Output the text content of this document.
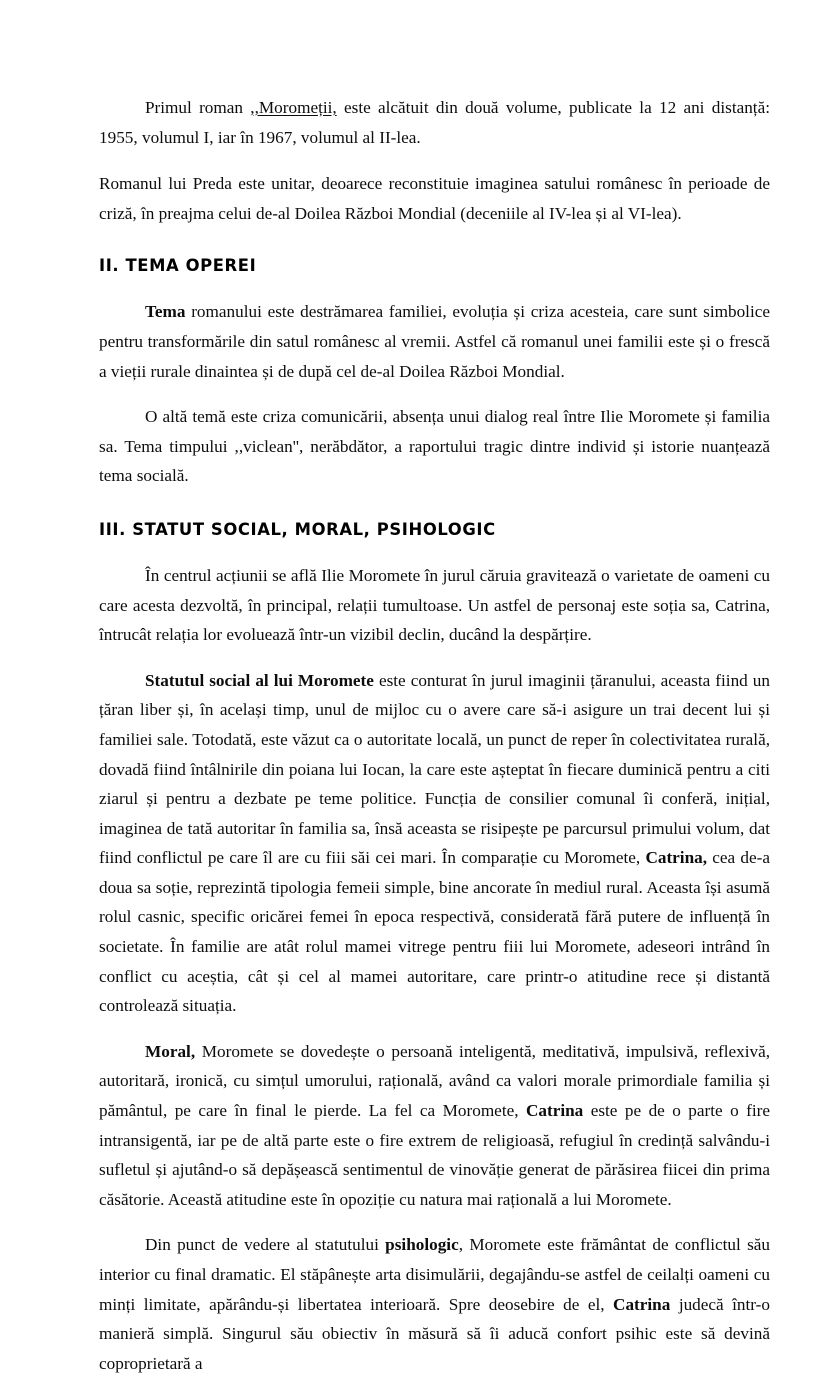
Primul roman ,,Moromeții, este alcătuit din două volume, publicate la 12 ani distanță: 1955, volumul I, iar în 1967, volumul al II-lea.

Romanul lui Preda este unitar, deoarece reconstituie imaginea satului românesc în perioade de criză, în preajma celui de-al Doilea Război Mondial (deceniile al IV-lea și al VI-lea).

II. TEMA OPEREI

Tema romanului este destrămarea familiei, evoluția și criza acesteia, care sunt simbolice pentru transformările din satul românesc al vremii. Astfel că romanul unei familii este și o frescă a vieții rurale dinaintea și de după cel de-al Doilea Război Mondial.

O altă temă este criza comunicării, absența unui dialog real între Ilie Moromete și familia sa. Tema timpului ,,viclean'', nerăbdător, a raportului tragic dintre individ și istorie nuanțează tema socială.

III. STATUT SOCIAL, MORAL, PSIHOLOGIC

În centrul acțiunii se află Ilie Moromete în jurul căruia gravitează o varietate de oameni cu care acesta dezvoltă, în principal, relații tumultoase. Un astfel de personaj este soția sa, Catrina, întrucât relația lor evoluează într-un vizibil declin, ducând la despărțire.

Statutul social al lui Moromete este conturat în jurul imaginii țăranului, aceasta fiind un țăran liber și, în același timp, unul de mijloc cu o avere care să-i asigure un trai decent lui și familiei sale. Totodată, este văzut ca o autoritate locală, un punct de reper în colectivitatea rurală, dovadă fiind întâlnirile din poiana lui Iocan, la care este așteptat în fiecare duminică pentru a citi ziarul și pentru a dezbate pe teme politice. Funcția de consilier comunal îi conferă, inițial, imaginea de tată autoritar în familia sa, însă aceasta se risipește pe parcursul primului volum, dat fiind conflictul pe care îl are cu fiii săi cei mari. În comparație cu Moromete, Catrina, cea de-a doua sa soție, reprezintă tipologia femeii simple, bine ancorate în mediul rural. Aceasta își asumă rolul casnic, specific oricărei femei în epoca respectivă, considerată fără putere de influență în societate. În familie are atât rolul mamei vitrege pentru fiii lui Moromete, adeseori intrând în conflict cu aceștia, cât și cel al mamei autoritare, care printr-o atitudine rece și distantă controlează situația.

Moral, Moromete se dovedește o persoană inteligentă, meditativă, impulsivă, reflexivă, autoritară, ironică, cu simțul umorului, rațională, având ca valori morale primordiale familia și pământul, pe care în final le pierde. La fel ca Moromete, Catrina este pe de o parte o fire intransigentă, iar pe de altă parte este o fire extrem de religioasă, refugiul în credință salvându-i sufletul și ajutând-o să depășească sentimentul de vinovăție generat de părăsirea fiicei din prima căsătorie. Această atitudine este în opoziție cu natura mai rațională a lui Moromete.

Din punct de vedere al statutului psihologic, Moromete este frământat de conflictul său interior cu final dramatic. El stăpânește arta disimulării, degajându-se astfel de ceilalți oameni cu minți limitate, apărându-și libertatea interioară. Spre deosebire de el, Catrina judecă într-o manieră simplă. Singurul său obiectiv în măsură să îi aducă confort psihic este să devină coproprietară a
